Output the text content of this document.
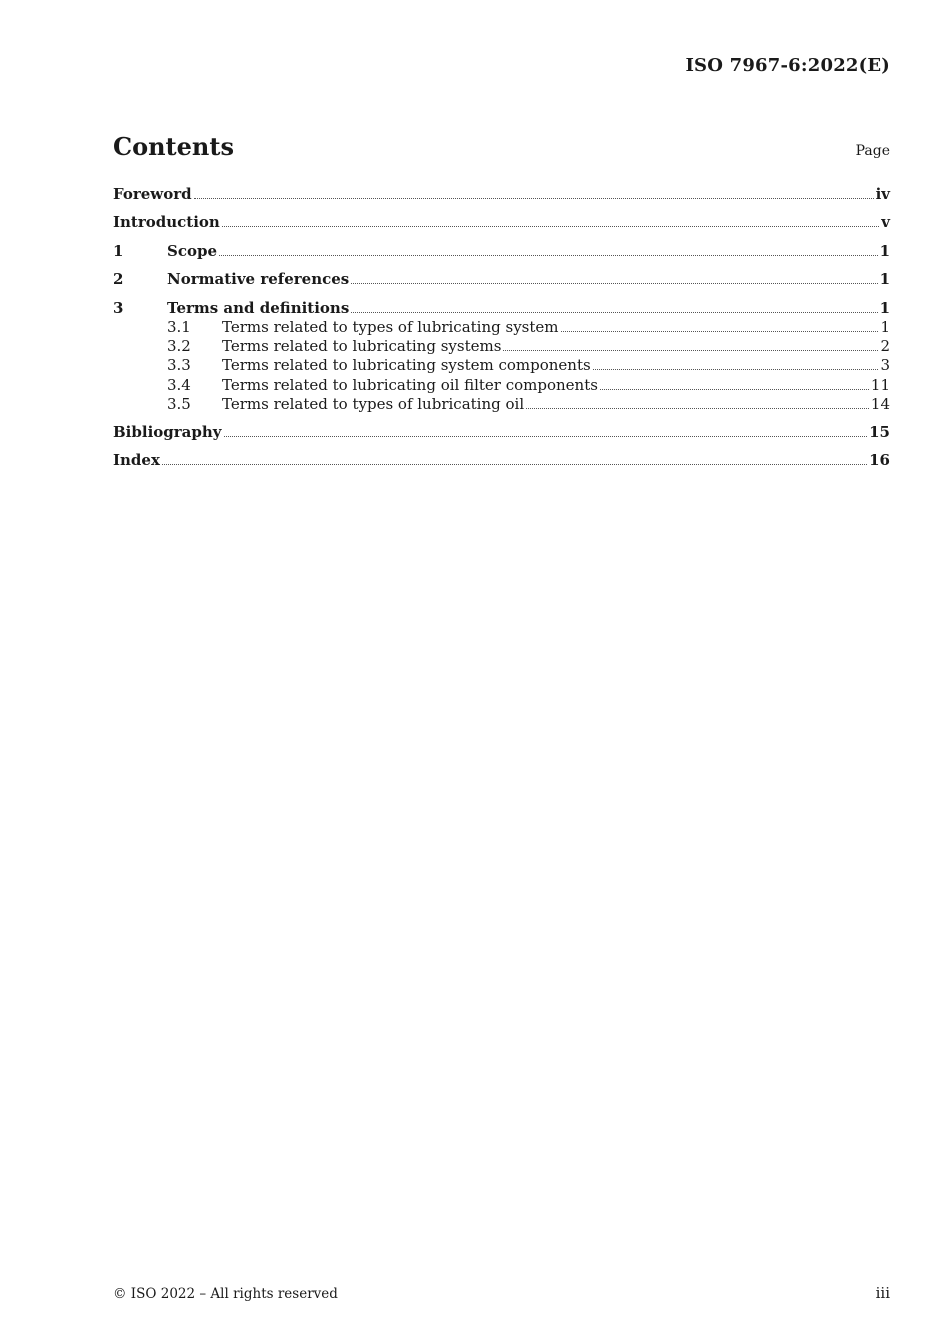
ISO 7967-6:2022(E)
Contents	Page
Foreword	iv
Introduction	v
1	Scope	1
2	Normative references	1
3	Terms and definitions	1
3.1	Terms related to types of lubricating system	1
3.2	Terms related to lubricating systems	2
3.3	Terms related to lubricating system components	3
3.4	Terms related to lubricating oil filter components	11
3.5	Terms related to types of lubricating oil	14
Bibliography	15
Index	16
© ISO 2022 – All rights reserved	iii
